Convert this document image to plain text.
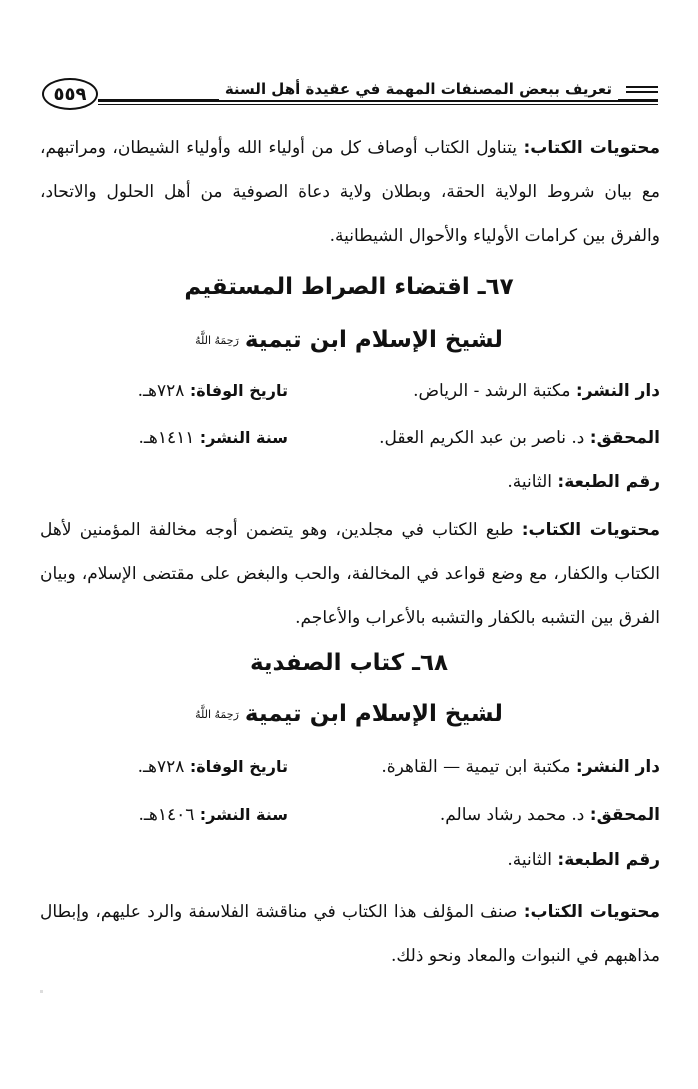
٥٥٩	تعريف ببعض المصنفات المهمة في عقيدة أهل السنة

محتويات الكتاب: يتناول الكتاب أوصاف كل من أولياء الله وأولياء الشيطان، ومراتبهم، مع بيان شروط الولاية الحقة، وبطلان ولاية دعاة الصوفية من أهل الحلول والاتحاد، والفرق بين كرامات الأولياء والأحوال الشيطانية.

٦٧ـ اقتضاء الصراط المستقيم
لشيخ الإسلام ابن تيميةرَحِمَهُ اللَّهُ
دار النشر: مكتبة الرشد - الرياض.
تاريخ الوفاة: ٧٢٨هـ.
المحقق: د. ناصر بن عبد الكريم العقل.
سنة النشر: ١٤١١هـ.
رقم الطبعة: الثانية.

محتويات الكتاب: طبع الكتاب في مجلدين، وهو يتضمن أوجه مخالفة المؤمنين لأهل الكتاب والكفار، مع وضع قواعد في المخالفة، والحب والبغض على مقتضى الإسلام، وبيان الفرق بين التشبه بالكفار والتشبه بالأعراب والأعاجم.

٦٨ـ كتاب الصفدية
لشيخ الإسلام ابن تيميةرَحِمَهُ اللَّهُ
دار النشر: مكتبة ابن تيمية — القاهرة.
تاريخ الوفاة: ٧٢٨هـ.
المحقق: د. محمد رشاد سالم.
سنة النشر: ١٤٠٦هـ.
رقم الطبعة: الثانية.

محتويات الكتاب: صنف المؤلف هذا الكتاب في مناقشة الفلاسفة والرد عليهم، وإبطال مذاهبهم في النبوات والمعاد ونحو ذلك.
